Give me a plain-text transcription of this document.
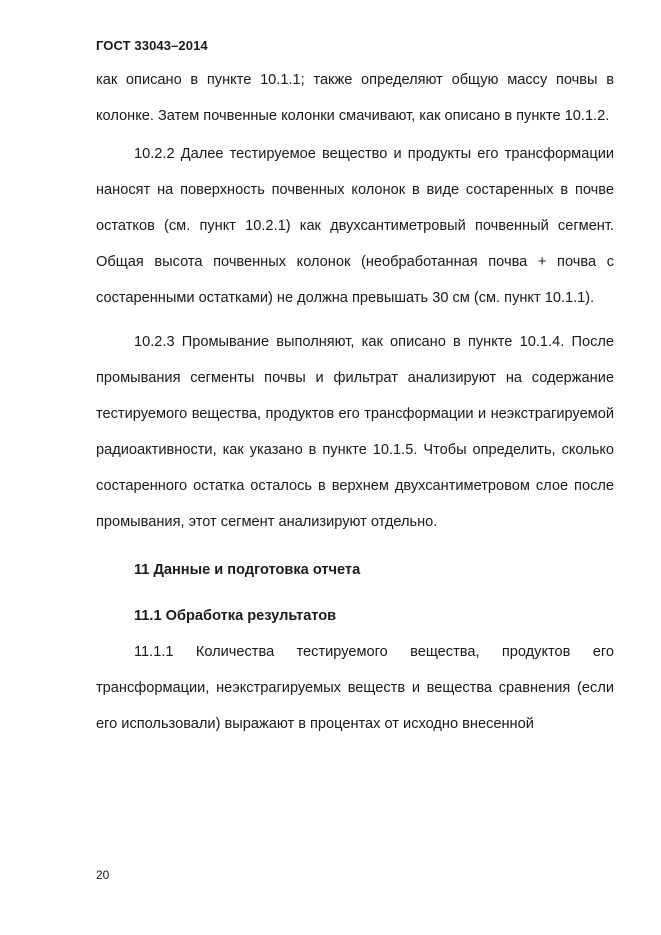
ГОСТ 33043–2014

как описано в пункте 10.1.1; также определяют общую массу почвы в колонке. Затем почвенные колонки смачивают, как описано в пункте 10.1.2.

10.2.2 Далее тестируемое вещество и продукты его трансформации наносят на поверхность почвенных колонок в виде состаренных в почве остатков (см. пункт 10.2.1) как двухсантиметровый почвенный сегмент. Общая высота почвенных колонок (необработанная почва + почва с состаренными остатками) не должна превышать 30 см (см. пункт 10.1.1).

10.2.3 Промывание выполняют, как описано в пункте 10.1.4. После промывания сегменты почвы и фильтрат анализируют на содержание тестируемого вещества, продуктов его трансформации и неэкстрагируемой радиоактивности, как указано в пункте 10.1.5. Чтобы определить, сколько состаренного остатка осталось в верхнем двухсантиметровом слое после промывания, этот сегмент анализируют отдельно.

11 Данные и подготовка отчета

11.1 Обработка результатов

11.1.1 Количества тестируемого вещества, продуктов его трансформации, неэкстрагируемых веществ и вещества сравнения (если его использовали) выражают в процентах от исходно внесенной

20
